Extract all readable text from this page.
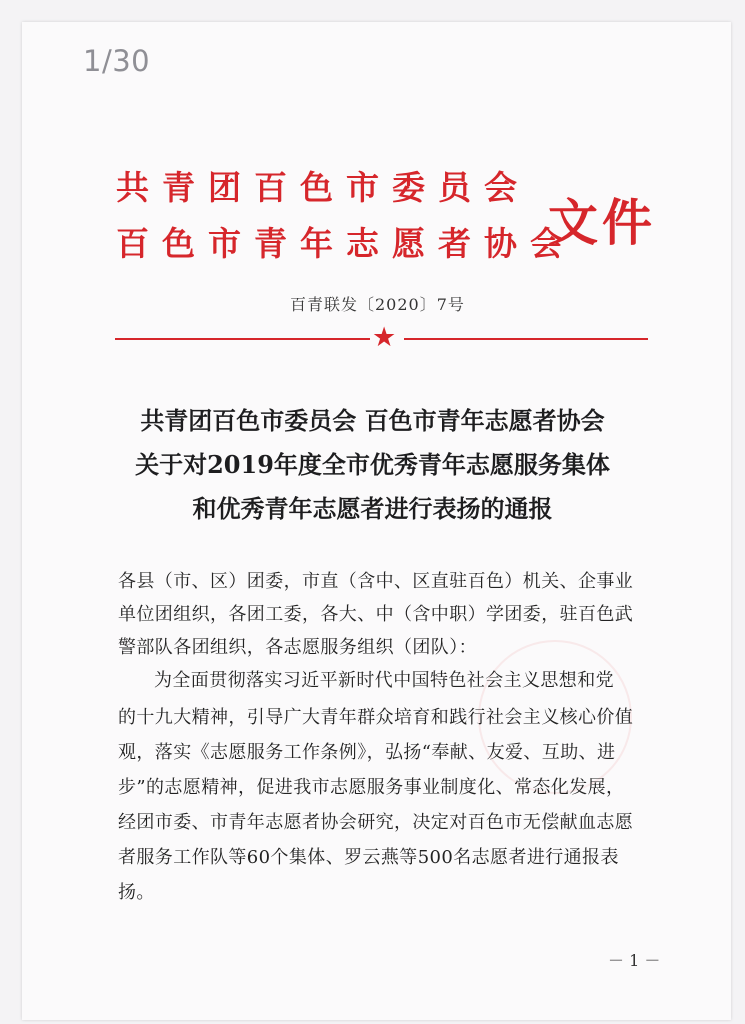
1/30
共青团百色市委员会
百色市青年志愿者协会
文件
百青联发〔2020〕7号
★
共青团百色市委员会 百色市青年志愿者协会
关于对2019年度全市优秀青年志愿服务集体
和优秀青年志愿者进行表扬的通报
各县（市、区）团委，市直（含中、区直驻百色）机关、企事业
单位团组织，各团工委，各大、中（含中职）学团委，驻百色武
警部队各团组织，各志愿服务组织（团队）：
为全面贯彻落实习近平新时代中国特色社会主义思想和党
的十九大精神，引导广大青年群众培育和践行社会主义核心价值
观，落实《志愿服务工作条例》，弘扬“奉献、友爱、互助、进
步”的志愿精神，促进我市志愿服务事业制度化、常态化发展，
经团市委、市青年志愿者协会研究，决定对百色市无偿献血志愿
者服务工作队等60个集体、罗云燕等500名志愿者进行通报表
扬。
－ 1 －
